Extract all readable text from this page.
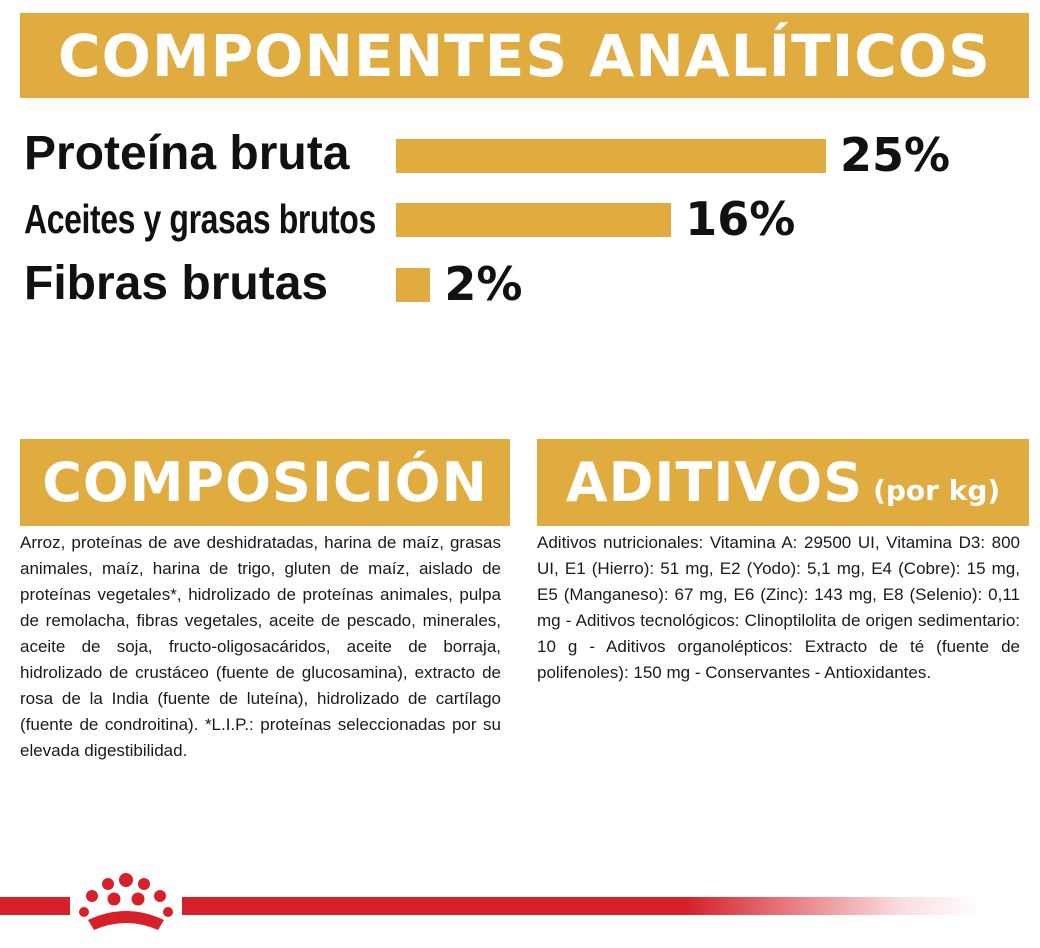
COMPONENTES ANALÍTICOS
Proteína bruta
Aceites y grasas brutos
Fibras brutas
25%
16%
2%
COMPOSICIÓN ADITIVOS (por kg)
Arroz, proteínas de ave deshidratadas, harina de maíz, grasas animales, maíz, harina de trigo, gluten de maíz, aislado de proteínas vegetales*, hidrolizado de proteínas animales, pulpa de remolacha, fibras vegetales, aceite de pescado, minerales, aceite de soja, fructo-oligosacáridos, aceite de borraja, hidrolizado de crustáceo (fuente de glucosamina), extracto de rosa de la India (fuente de luteína), hidrolizado de cartílago (fuente de condroitina). *L.I.P.: proteínas seleccionadas por su elevada digestibilidad.
Aditivos nutricionales: Vitamina A: 29500 UI, Vitamina D3: 800 UI, E1 (Hierro): 51 mg, E2 (Yodo): 5,1 mg, E4 (Cobre): 15 mg, E5 (Manganeso): 67 mg, E6 (Zinc): 143 mg, E8 (Selenio): 0,11 mg - Aditivos tecnológicos: Clinoptilolita de origen sedimentario: 10 g - Aditivos organolépticos: Extracto de té (fuente de polifenoles): 150 mg - Conservantes - Antioxidantes.
